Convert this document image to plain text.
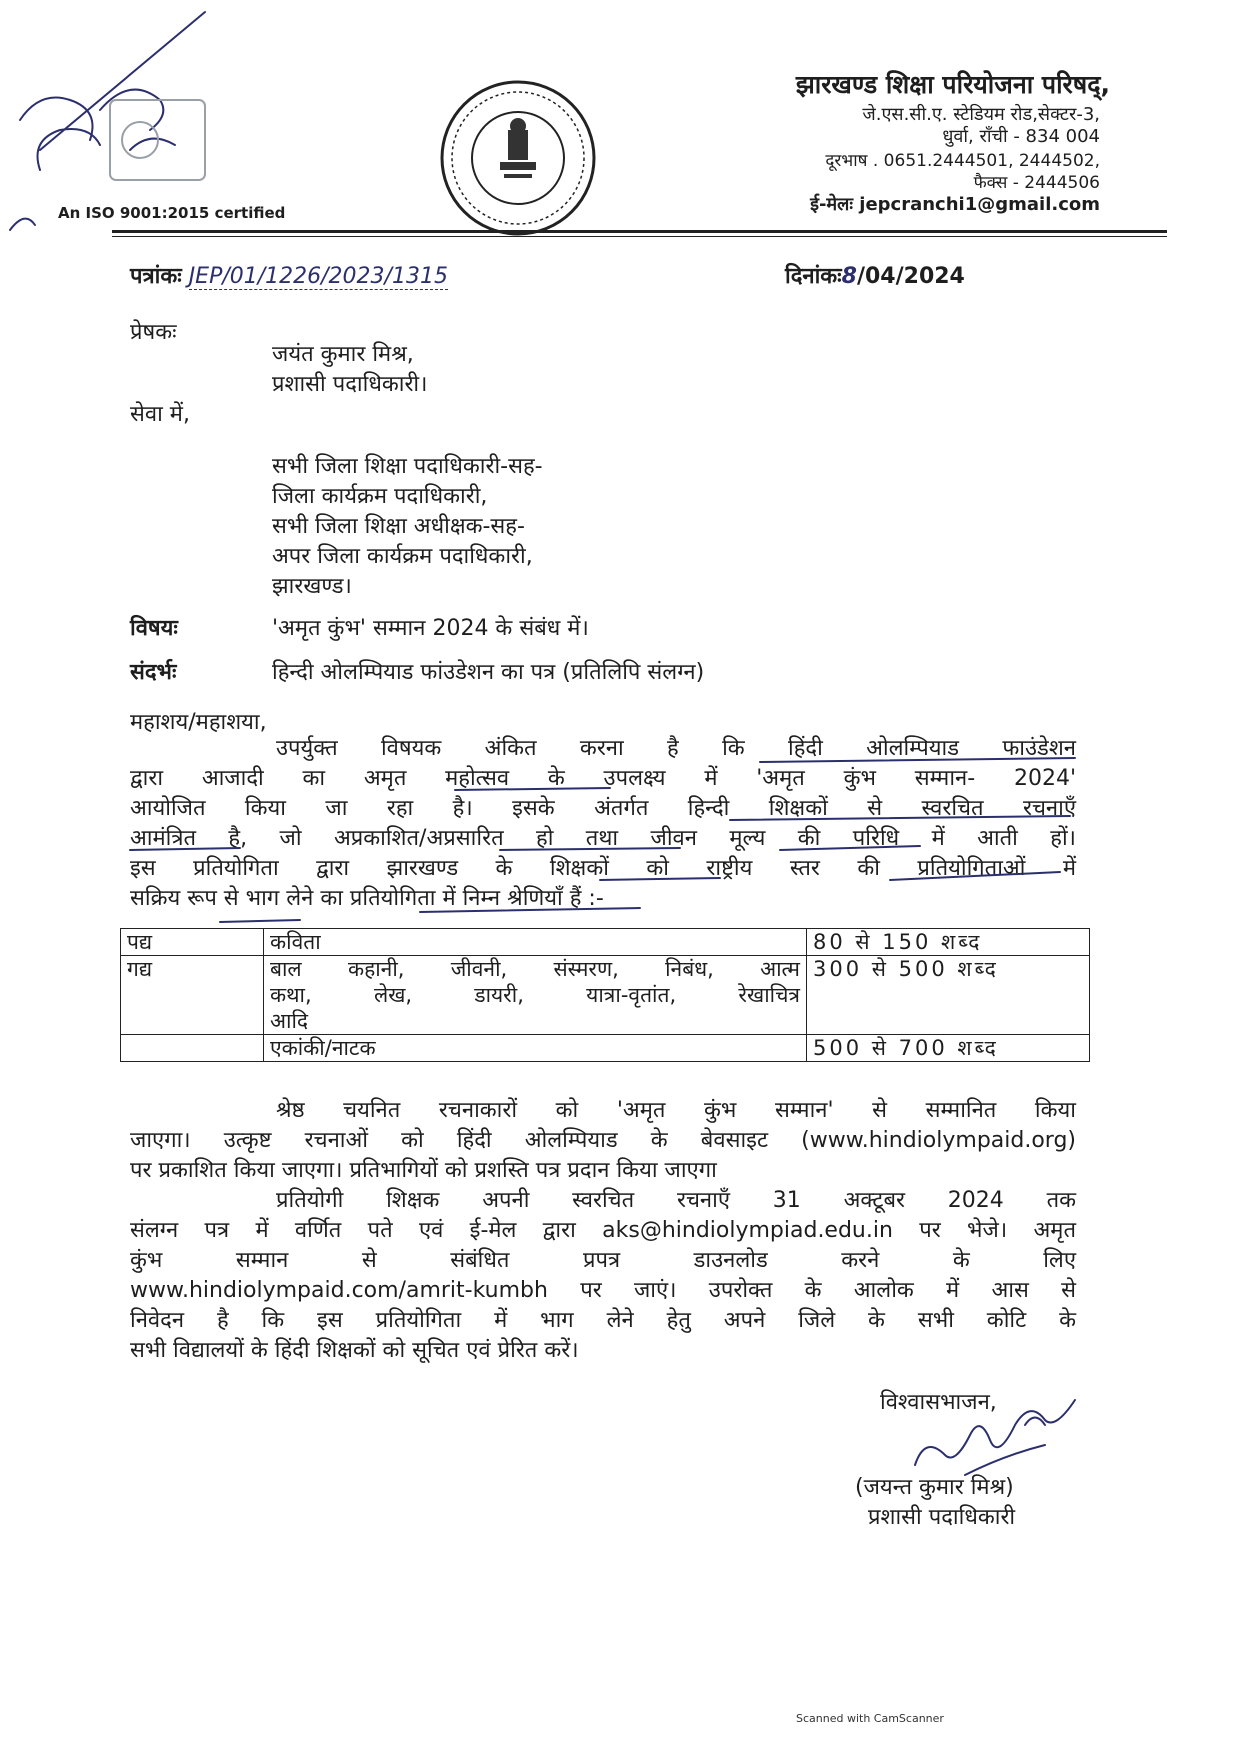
An ISO 9001:2015 certified
झारखण्ड शिक्षा परियोजना परिषद्,
जे.एस.सी.ए. स्टेडियम रोड,सेक्टर-3,
धुर्वा, राँची - 834 004
दूरभाष . 0651.2444501, 2444502,
फैक्स - 2444506
ई-मेलः jepcranchi1@gmail.com
पत्रांकः JEP/01/1226/2023/1315	दिनांकः8/04/2024
प्रेषकः
जयंत कुमार मिश्र,
प्रशासी पदाधिकारी।
सेवा में,
सभी जिला शिक्षा पदाधिकारी-सह-
जिला कार्यक्रम पदाधिकारी,
सभी जिला शिक्षा अधीक्षक-सह-
अपर जिला कार्यक्रम पदाधिकारी,
झारखण्ड।
विषयः	'अमृत कुंभ' सम्मान 2024 के संबंध में।
संदर्भः	हिन्दी ओलम्पियाड फांउडेशन का पत्र (प्रतिलिपि संलग्न)
महाशय/महाशया,
उपर्युक्त विषयक अंकित करना है कि हिंदी ओलम्पियाड फाउंडेशन
द्वारा आजादी का अमृत महोत्सव के उपलक्ष्य में 'अमृत कुंभ सम्मान- 2024'
आयोजित किया जा रहा है। इसके अंतर्गत हिन्दी शिक्षकों से स्वरचित रचनाएँ
आमंत्रित है, जो अप्रकाशित/अप्रसारित हो तथा जीवन मूल्य की परिधि में आती हों।
इस प्रतियोगिता द्वारा झारखण्ड के शिक्षकों को राष्ट्रीय स्तर की प्रतियोगिताओं में
सक्रिय रूप से भाग लेने का प्रतियोगिता में निम्न श्रेणियाँ हैं :-
पद्य	कविता	80 से 150 शब्द
गद्य	बाल कहानी, जीवनी, संस्मरण, निबंध, आत्म
कथा, लेख, डायरी, यात्रा-वृतांत, रेखाचित्र
आदि	300 से 500 शब्द

	एकांकी/नाटक	500 से 700 शब्द
श्रेष्ठ चयनित रचनाकारों को 'अमृत कुंभ सम्मान' से सम्मानित किया
जाएगा। उत्कृष्ट रचनाओं को हिंदी ओलम्पियाड के बेवसाइट (www.hindiolympaid.org)
पर प्रकाशित किया जाएगा। प्रतिभागियों को प्रशस्ति पत्र प्रदान किया जाएगा
प्रतियोगी शिक्षक अपनी स्वरचित रचनाएँ 31 अक्टूबर 2024 तक
संलग्न पत्र में वर्णित पते एवं ई-मेल द्वारा aks@hindiolympiad.edu.in पर भेजे। अमृत
कुंभ सम्मान से संबंधित प्रपत्र डाउनलोड करने के लिए
www.hindiolympaid.com/amrit-kumbh पर जाएं। उपरोक्त के आलोक में आस से
निवेदन है कि इस प्रतियोगिता में भाग लेने हेतु अपने जिले के सभी कोटि के
सभी विद्यालयों के हिंदी शिक्षकों को सूचित एवं प्रेरित करें।
विश्वासभाजन,
(जयन्त कुमार मिश्र)
प्रशासी पदाधिकारी
Scanned with CamScanner
